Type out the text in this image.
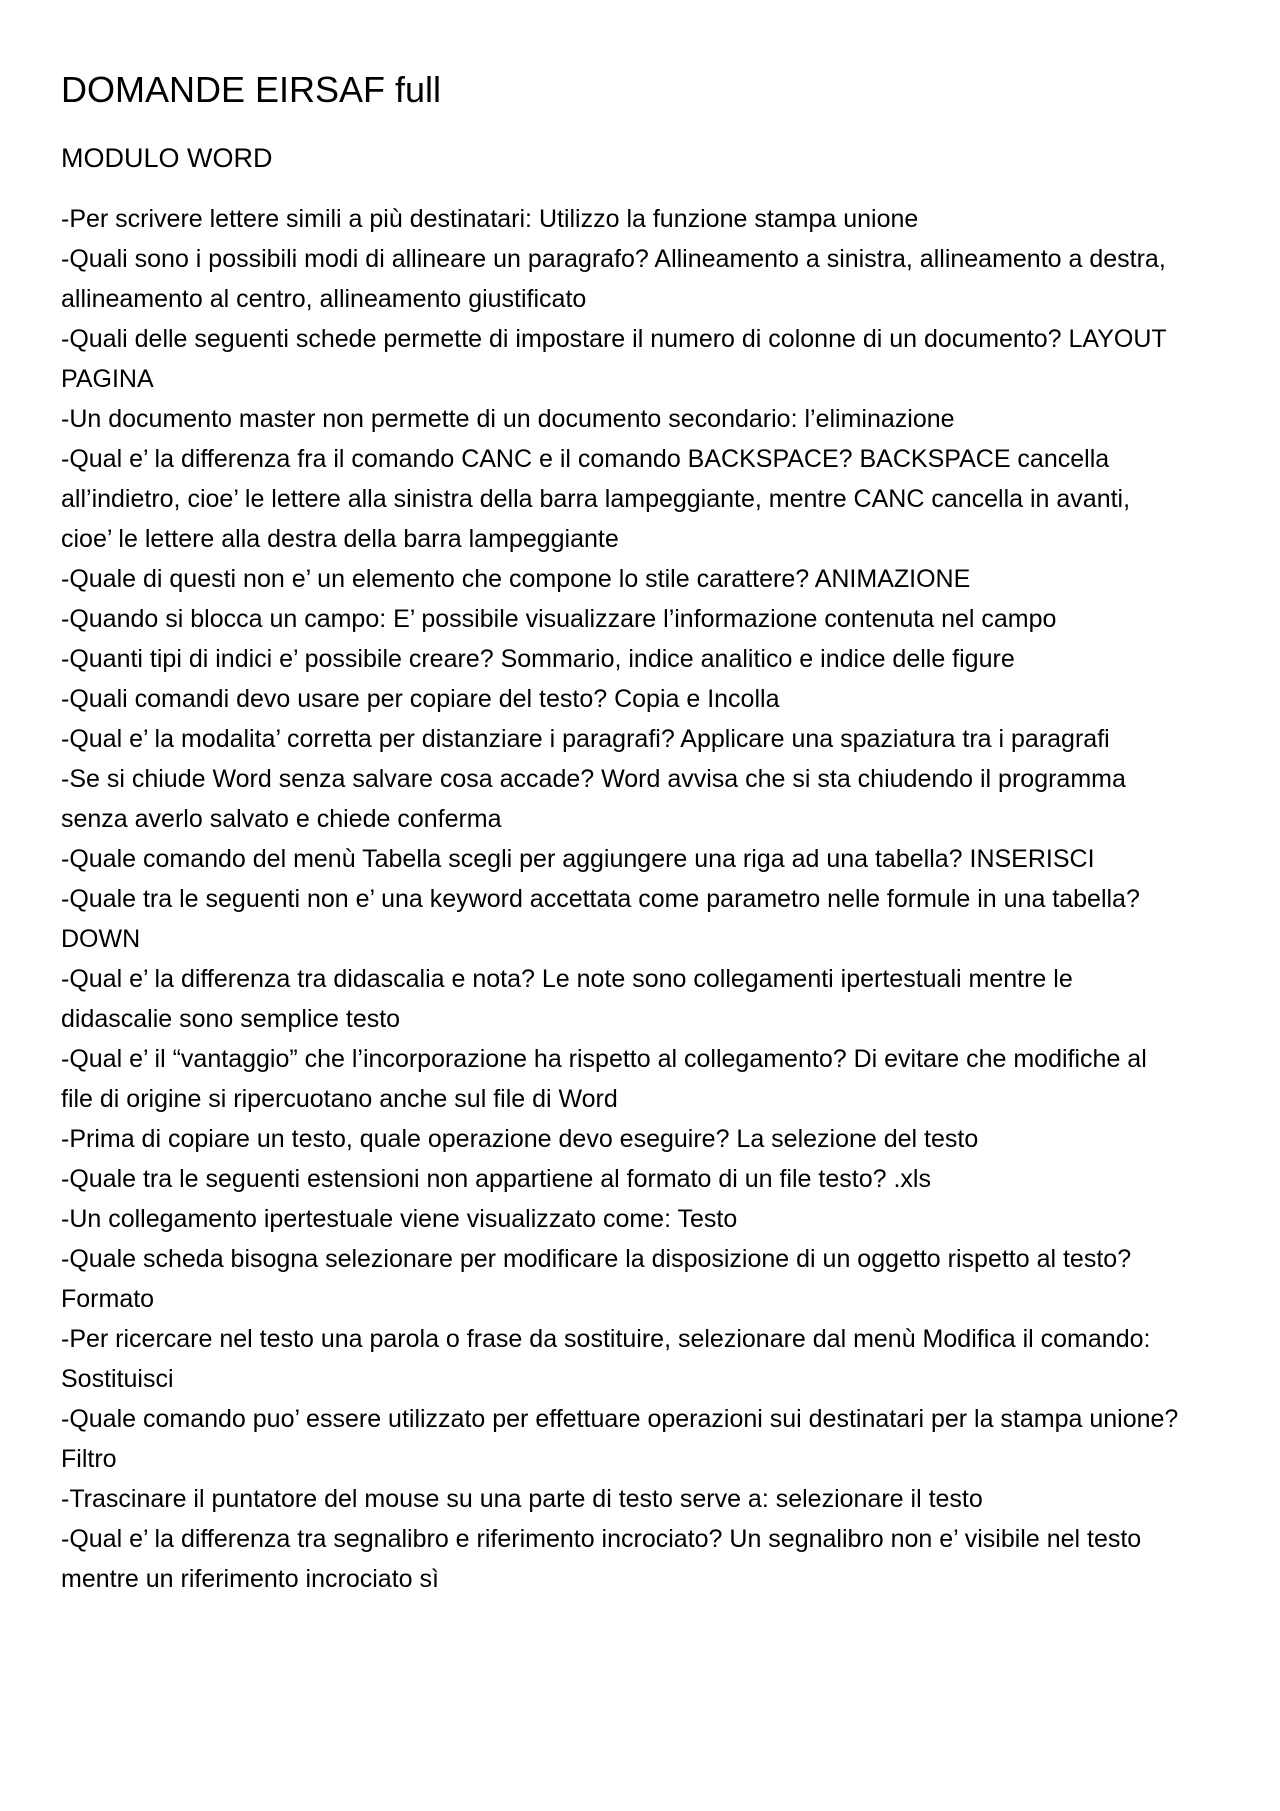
DOMANDE EIRSAF full
MODULO WORD
-Per scrivere lettere simili a più destinatari: Utilizzo la funzione stampa unione
-Quali sono i possibili modi di allineare un paragrafo? Allineamento a sinistra, allineamento a destra, allineamento al centro, allineamento giustificato
-Quali delle seguenti schede permette di impostare il numero di colonne di un documento? LAYOUT PAGINA
-Un documento master non permette di un documento secondario: l’eliminazione
-Qual e’ la differenza fra il comando CANC e il comando BACKSPACE? BACKSPACE cancella all’indietro, cioe’ le lettere alla sinistra della barra lampeggiante, mentre CANC cancella in avanti, cioe’ le lettere alla destra della barra lampeggiante
-Quale di questi non e’ un elemento che compone lo stile carattere? ANIMAZIONE
-Quando si blocca un campo: E’ possibile visualizzare l’informazione contenuta nel campo
-Quanti tipi di indici e’ possibile creare? Sommario, indice analitico e indice delle figure
-Quali comandi devo usare per copiare del testo? Copia e Incolla
-Qual e’ la modalita’ corretta per distanziare i paragrafi? Applicare una spaziatura tra i paragrafi
-Se si chiude Word senza salvare cosa accade? Word avvisa che si sta chiudendo il programma senza averlo salvato e chiede conferma
-Quale comando del menù Tabella scegli per aggiungere una riga ad una tabella? INSERISCI
-Quale tra le seguenti non e’ una keyword accettata come parametro nelle formule in una tabella? DOWN
-Qual e’ la differenza tra didascalia e nota? Le note sono collegamenti ipertestuali mentre le didascalie sono semplice testo
-Qual e’ il “vantaggio” che l’incorporazione ha rispetto al collegamento? Di evitare che modifiche al file di origine si ripercuotano anche sul file di Word
-Prima di copiare un testo, quale operazione devo eseguire? La selezione del testo
-Quale tra le seguenti estensioni non appartiene al formato di un file testo? .xls
-Un collegamento ipertestuale viene visualizzato come: Testo
-Quale scheda bisogna selezionare per modificare la disposizione di un oggetto rispetto al testo? Formato
-Per ricercare nel testo una parola o frase da sostituire, selezionare dal menù Modifica il comando: Sostituisci
-Quale comando puo’ essere utilizzato per effettuare operazioni sui destinatari per la stampa unione? Filtro
-Trascinare il puntatore del mouse su una parte di testo serve a: selezionare il testo
-Qual e’ la differenza tra segnalibro e riferimento incrociato? Un segnalibro non e’ visibile nel testo mentre un riferimento incrociato sì
